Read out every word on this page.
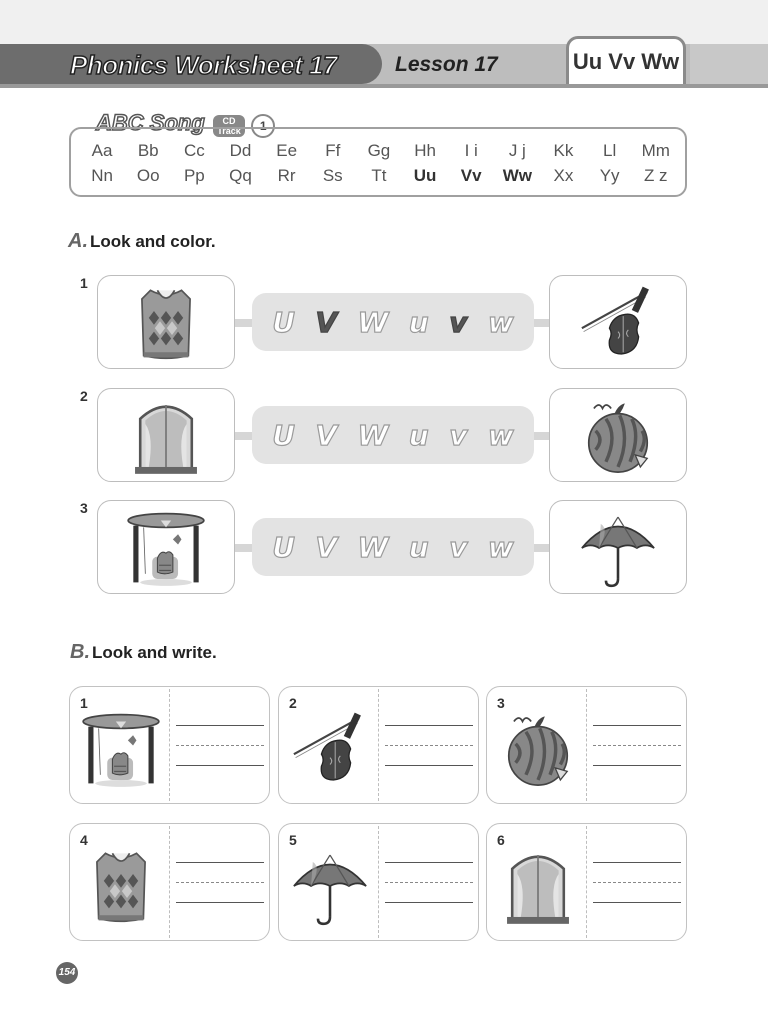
Phonics Worksheet 17	Lesson 17	Uu Vv Ww
ABC Song CD
Track 1
Aa	Bb	Cc	Dd	Ee	Ff	Gg	Hh	I i	J j	Kk	Ll	Mm
Nn	Oo	Pp	Qq	Rr	Ss	Tt	Uu	Vv	Ww	Xx	Yy	Z z
A. Look and color.
1
U V W u v w
2
U V W u v w
3
U V W u v w
B. Look and write.
1	2	3
4	5	6
154
